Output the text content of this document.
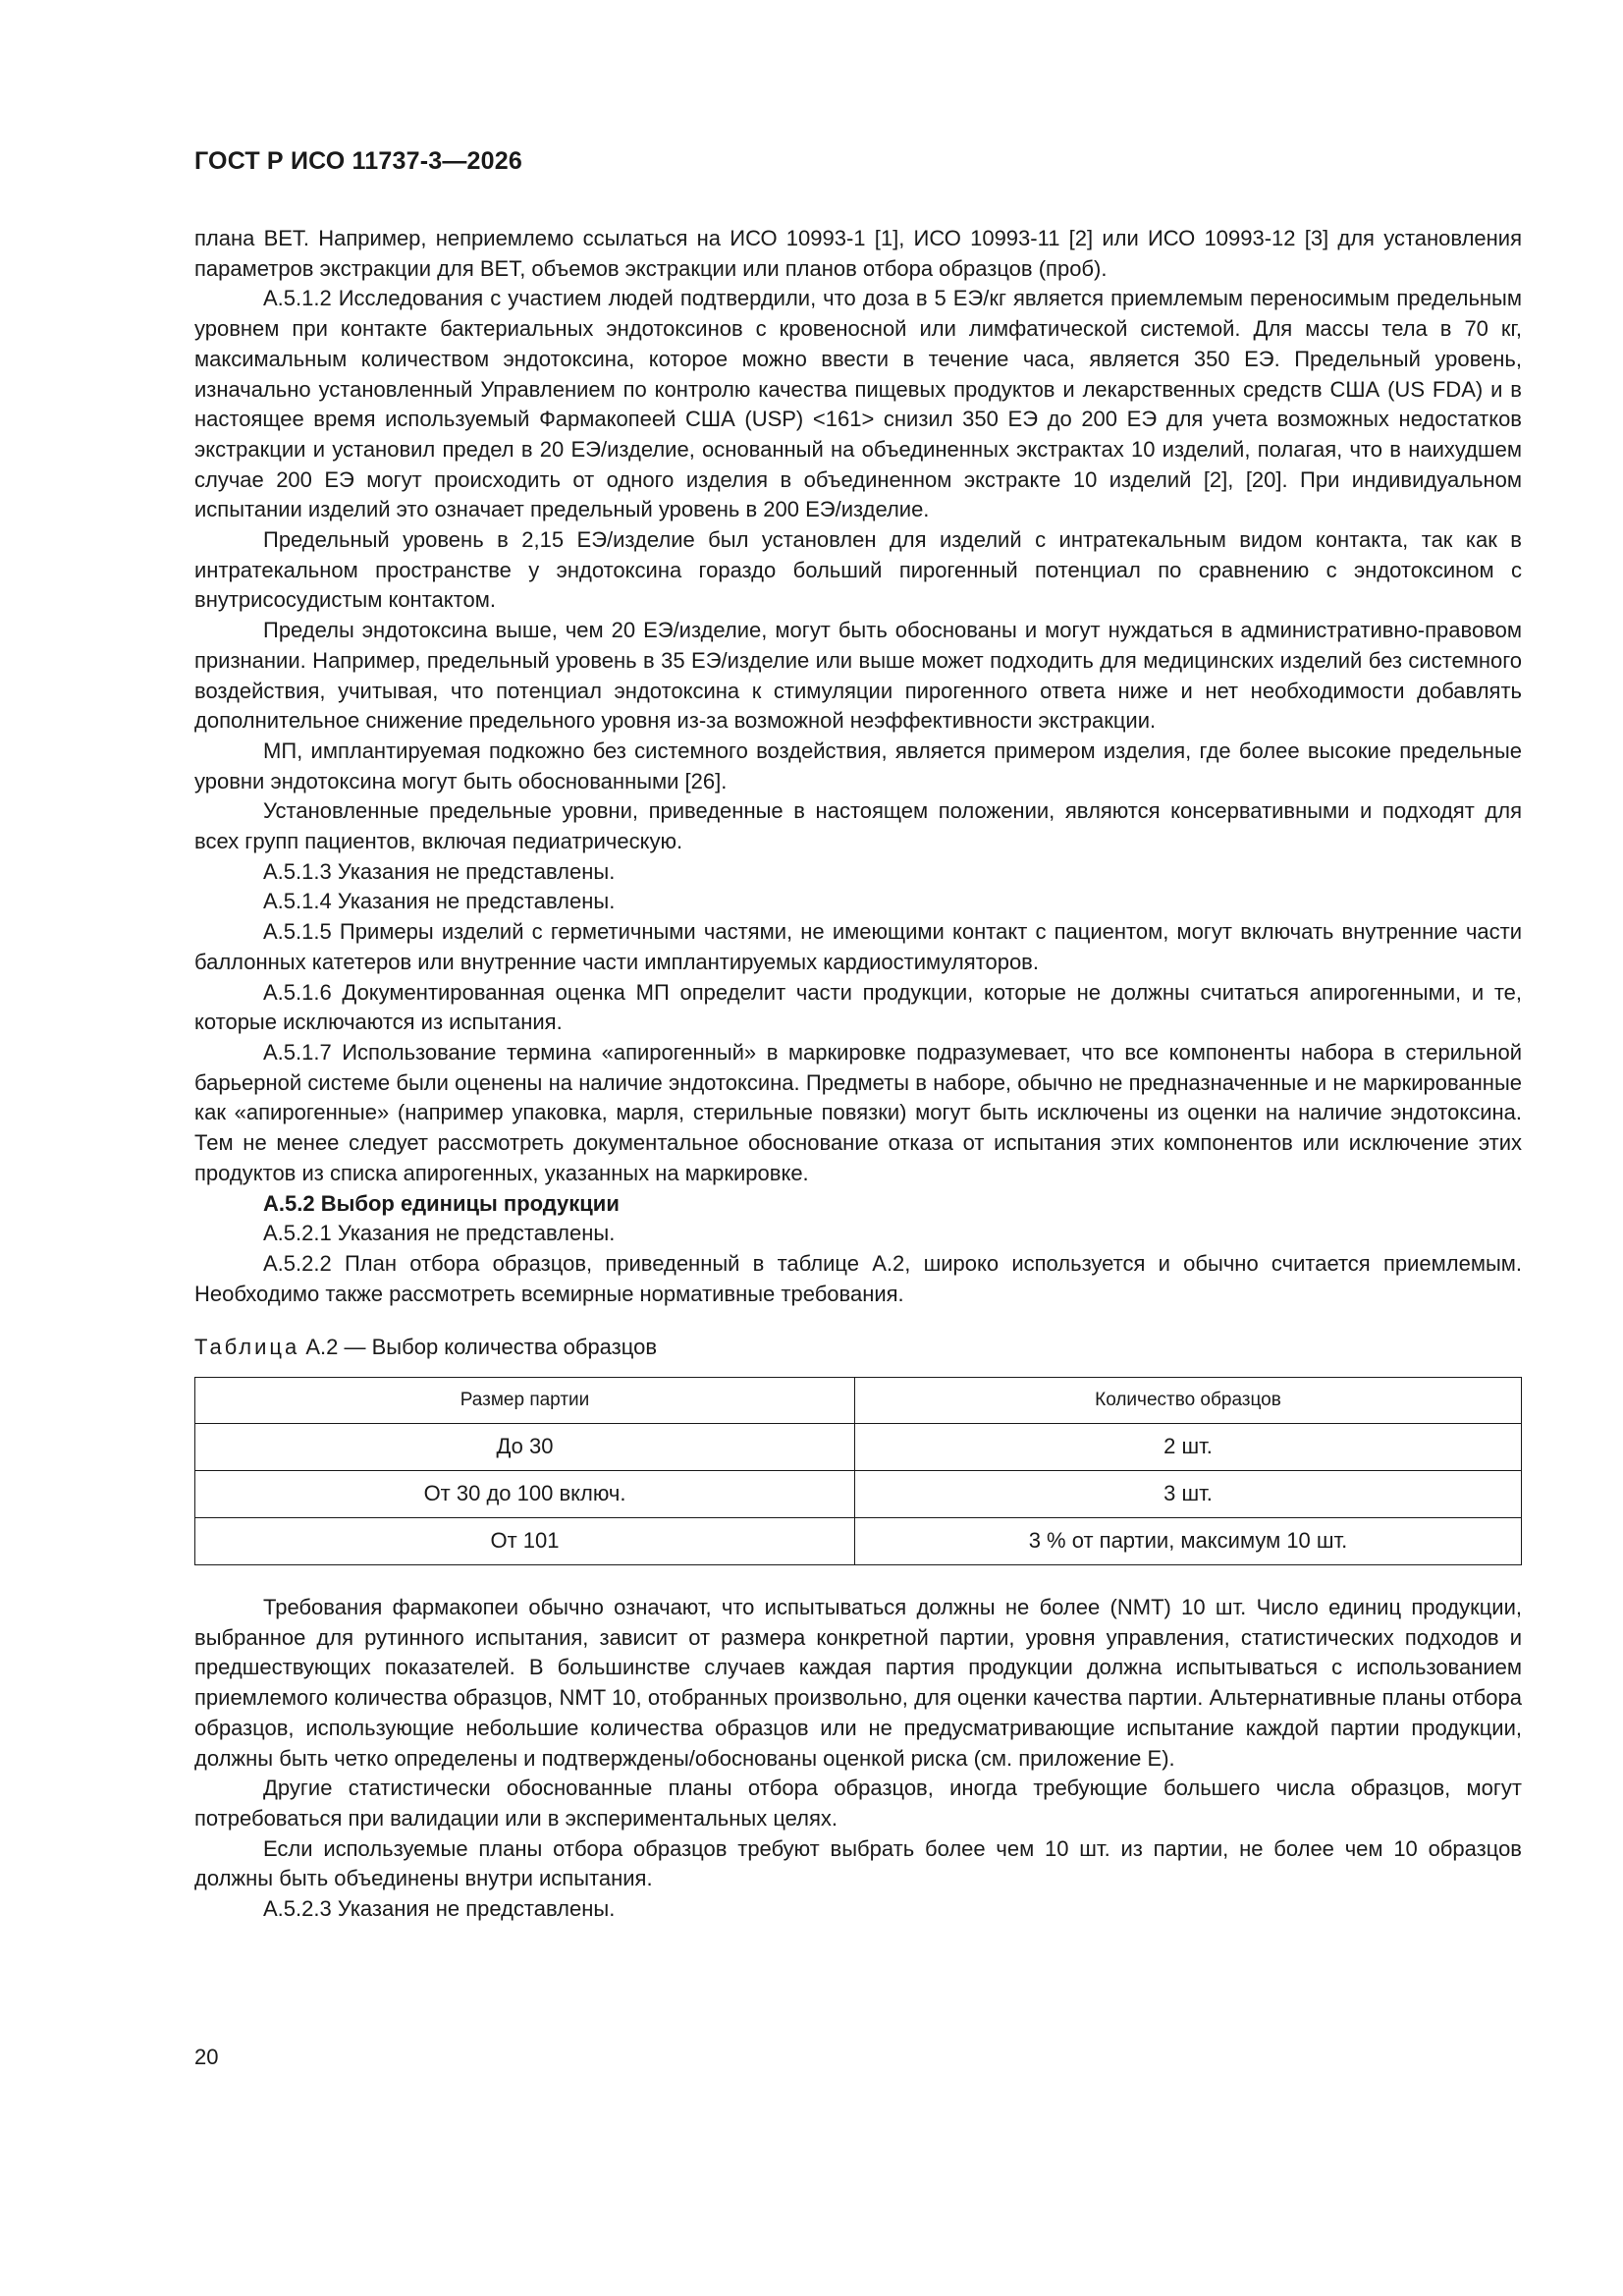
ГОСТ Р ИСО 11737-3—2026

плана BET. Например, неприемлемо ссылаться на ИСО 10993-1 [1], ИСО 10993-11 [2] или ИСО 10993-12 [3] для установления параметров экстракции для BET, объемов экстракции или планов отбора образцов (проб).

A.5.1.2 Исследования с участием людей подтвердили, что доза в 5 ЕЭ/кг является приемлемым переносимым предельным уровнем при контакте бактериальных эндотоксинов с кровеносной или лимфатической системой. Для массы тела в 70 кг, максимальным количеством эндотоксина, которое можно ввести в течение часа, является 350 ЕЭ. Предельный уровень, изначально установленный Управлением по контролю качества пищевых продуктов и лекарственных средств США (US FDA) и в настоящее время используемый Фармакопеей США (USP) <161> снизил 350 ЕЭ до 200 ЕЭ для учета возможных недостатков экстракции и установил предел в 20 ЕЭ/изделие, основанный на объединенных экстрактах 10 изделий, полагая, что в наихудшем случае 200 ЕЭ могут происходить от одного изделия в объединенном экстракте 10 изделий [2], [20]. При индивидуальном испытании изделий это означает предельный уровень в 200 ЕЭ/изделие.

Предельный уровень в 2,15 ЕЭ/изделие был установлен для изделий с интратекальным видом контакта, так как в интратекальном пространстве у эндотоксина гораздо больший пирогенный потенциал по сравнению с эндотоксином с внутрисосудистым контактом.

Пределы эндотоксина выше, чем 20 ЕЭ/изделие, могут быть обоснованы и могут нуждаться в административно-правовом признании. Например, предельный уровень в 35 ЕЭ/изделие или выше может подходить для медицинских изделий без системного воздействия, учитывая, что потенциал эндотоксина к стимуляции пирогенного ответа ниже и нет необходимости добавлять дополнительное снижение предельного уровня из-за возможной неэффективности экстракции.

МП, имплантируемая подкожно без системного воздействия, является примером изделия, где более высокие предельные уровни эндотоксина могут быть обоснованными [26].

Установленные предельные уровни, приведенные в настоящем положении, являются консервативными и подходят для всех групп пациентов, включая педиатрическую.

A.5.1.3 Указания не представлены.

A.5.1.4 Указания не представлены.

A.5.1.5 Примеры изделий с герметичными частями, не имеющими контакт с пациентом, могут включать внутренние части баллонных катетеров или внутренние части имплантируемых кардиостимуляторов.

A.5.1.6 Документированная оценка МП определит части продукции, которые не должны считаться апирогенными, и те, которые исключаются из испытания.

A.5.1.7 Использование термина «апирогенный» в маркировке подразумевает, что все компоненты набора в стерильной барьерной системе были оценены на наличие эндотоксина. Предметы в наборе, обычно не предназначенные и не маркированные как «апирогенные» (например упаковка, марля, стерильные повязки) могут быть исключены из оценки на наличие эндотоксина. Тем не менее следует рассмотреть документальное обоснование отказа от испытания этих компонентов или исключение этих продуктов из списка апирогенных, указанных на маркировке.

A.5.2 Выбор единицы продукции

A.5.2.1 Указания не представлены.

A.5.2.2 План отбора образцов, приведенный в таблице A.2, широко используется и обычно считается приемлемым. Необходимо также рассмотреть всемирные нормативные требования.

Таблица A.2 — Выбор количества образцов

Размер партии	Количество образцов
До 30	2 шт.
От 30 до 100 включ.	3 шт.
От 101	3 % от партии, максимум 10 шт.

Требования фармакопеи обычно означают, что испытываться должны не более (NMT) 10 шт. Число единиц продукции, выбранное для рутинного испытания, зависит от размера конкретной партии, уровня управления, статистических подходов и предшествующих показателей. В большинстве случаев каждая партия продукции должна испытываться с использованием приемлемого количества образцов, NMT 10, отобранных произвольно, для оценки качества партии. Альтернативные планы отбора образцов, использующие небольшие количества образцов или не предусматривающие испытание каждой партии продукции, должны быть четко определены и подтверждены/обоснованы оценкой риска (см. приложение E).

Другие статистически обоснованные планы отбора образцов, иногда требующие большего числа образцов, могут потребоваться при валидации или в экспериментальных целях.

Если используемые планы отбора образцов требуют выбрать более чем 10 шт. из партии, не более чем 10 образцов должны быть объединены внутри испытания.

A.5.2.3 Указания не представлены.

20
